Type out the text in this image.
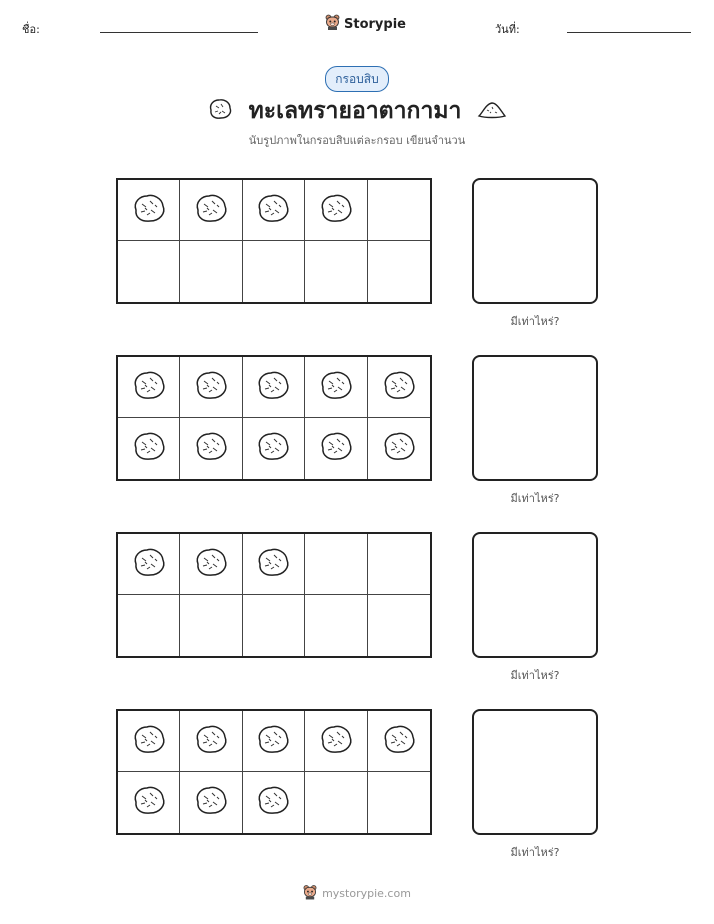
ชื่อ:	Storypie	วันที่:
กรอบสิบ
ทะเลทรายอาตากามา
นับรูปภาพในกรอบสิบแต่ละกรอบ เขียนจำนวน
มีเท่าไหร่?
มีเท่าไหร่?
มีเท่าไหร่?
มีเท่าไหร่?
mystorypie.com
